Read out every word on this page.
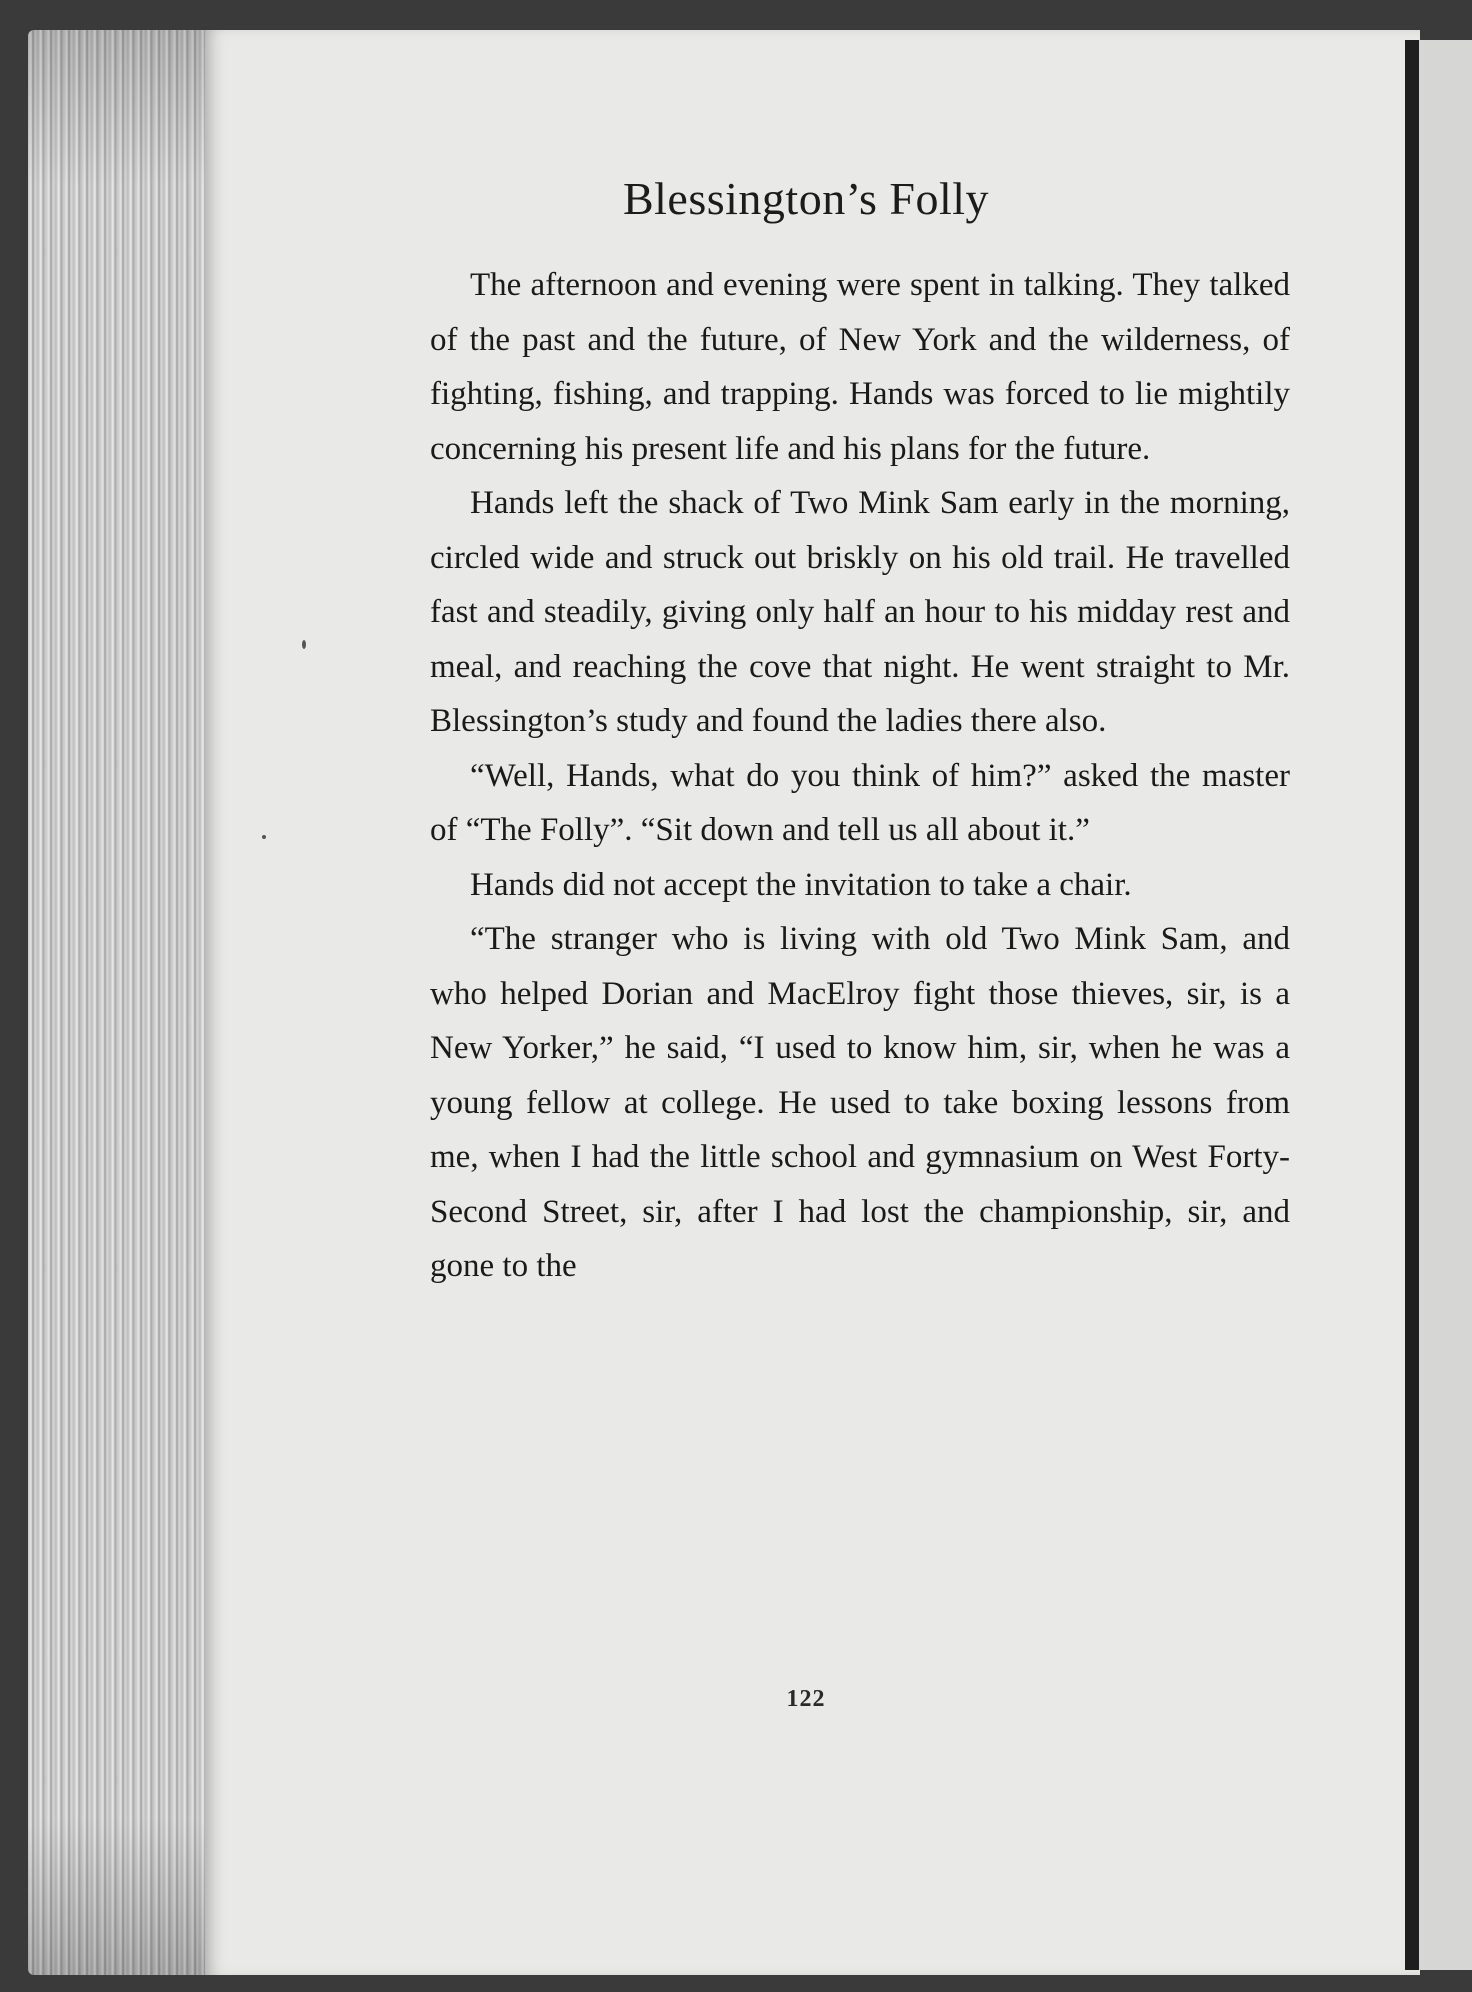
Blessington’s Folly

The afternoon and evening were spent in talking. They talked of the past and the future, of New York and the wilderness, of fighting, fishing, and trapping. Hands was forced to lie mightily concerning his present life and his plans for the future.

Hands left the shack of Two Mink Sam early in the morning, circled wide and struck out briskly on his old trail. He travelled fast and steadily, giving only half an hour to his midday rest and meal, and reaching the cove that night. He went straight to Mr. Blessington’s study and found the ladies there also.

“Well, Hands, what do you think of him?” asked the master of “The Folly”. “Sit down and tell us all about it.”

Hands did not accept the invitation to take a chair.

“The stranger who is living with old Two Mink Sam, and who helped Dorian and MacElroy fight those thieves, sir, is a New Yorker,” he said, “I used to know him, sir, when he was a young fellow at college. He used to take boxing lessons from me, when I had the little school and gymnasium on West Forty-Second Street, sir, after I had lost the championship, sir, and gone to the

122
